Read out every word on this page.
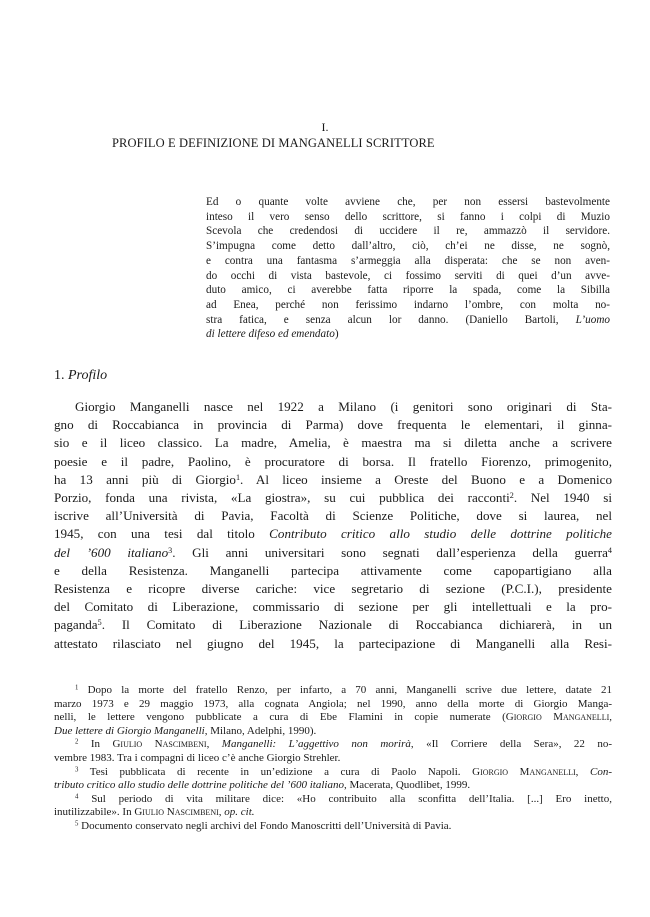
I.
PROFILO E DEFINIZIONE DI MANGANELLI SCRITTORE
Ed o quante volte avviene che, per non essersi bastevolmente
inteso il vero senso dello scrittore, si fanno i colpi di Muzio
Scevola che credendosi di uccidere il re, ammazzò il servidore.
S’impugna come detto dall’altro, ciò, ch’ei ne disse, ne sognò,
e contra una fantasma s’armeggia alla disperata: che se non aven-
do occhi di vista bastevole, ci fossimo serviti di quei d’un avve-
duto amico, ci averebbe fatta riporre la spada, come la Sibilla
ad Enea, perché non ferissimo indarno l’ombre, con molta no-
stra fatica, e senza alcun lor danno. (Daniello Bartoli, L’uomo
di lettere difeso ed emendato)
1. Profilo
Giorgio Manganelli nasce nel 1922 a Milano (i genitori sono originari di Sta-
gno di Roccabianca in provincia di Parma) dove frequenta le elementari, il ginna-
sio e il liceo classico. La madre, Amelia, è maestra ma si diletta anche a scrivere
poesie e il padre, Paolino, è procuratore di borsa. Il fratello Fiorenzo, primogenito,
ha 13 anni più di Giorgio$^1$. Al liceo insieme a Oreste del Buono e a Domenico
Porzio, fonda una rivista, «La giostra», su cui pubblica dei racconti$^2$. Nel 1940 si
iscrive all’Università di Pavia, Facoltà di Scienze Politiche, dove si laurea, nel
1945, con una tesi dal titolo Contributo critico allo studio delle dottrine politiche
del ’600 italiano$^3$. Gli anni universitari sono segnati dall’esperienza della guerra$^4$
e della Resistenza. Manganelli partecipa attivamente come capopartigiano alla
Resistenza e ricopre diverse cariche: vice segretario di sezione (P.C.I.), presidente
del Comitato di Liberazione, commissario di sezione per gli intellettuali e la pro-
paganda$^5$. Il Comitato di Liberazione Nazionale di Roccabianca dichiarerà, in un
attestato rilasciato nel giugno del 1945, la partecipazione di Manganelli alla Resi-
$^1$ Dopo la morte del fratello Renzo, per infarto, a 70 anni, Manganelli scrive due lettere, datate 21
marzo 1973 e 29 maggio 1973, alla cognata Angiola; nel 1990, anno della morte di Giorgio Manga-
nelli, le lettere vengono pubblicate a cura di Ebe Flamini in copie numerate (Giorgio Manganelli,
Due lettere di Giorgio Manganelli, Milano, Adelphi, 1990).
$^2$ In Giulio Nascimbeni, Manganelli: L’aggettivo non morirà, «Il Corriere della Sera», 22 no-
vembre 1983. Tra i compagni di liceo c’è anche Giorgio Strehler.
$^3$ Tesi pubblicata di recente in un’edizione a cura di Paolo Napoli. Giorgio Manganelli, Con-
tributo critico allo studio delle dottrine politiche del ’600 italiano, Macerata, Quodlibet, 1999.
$^4$ Sul periodo di vita militare dice: «Ho contribuito alla sconfitta dell’Italia. [...] Ero inetto,
inutilizzabile». In Giulio Nascimbeni, op. cit.
$^5$ Documento conservato negli archivi del Fondo Manoscritti dell’Università di Pavia.
